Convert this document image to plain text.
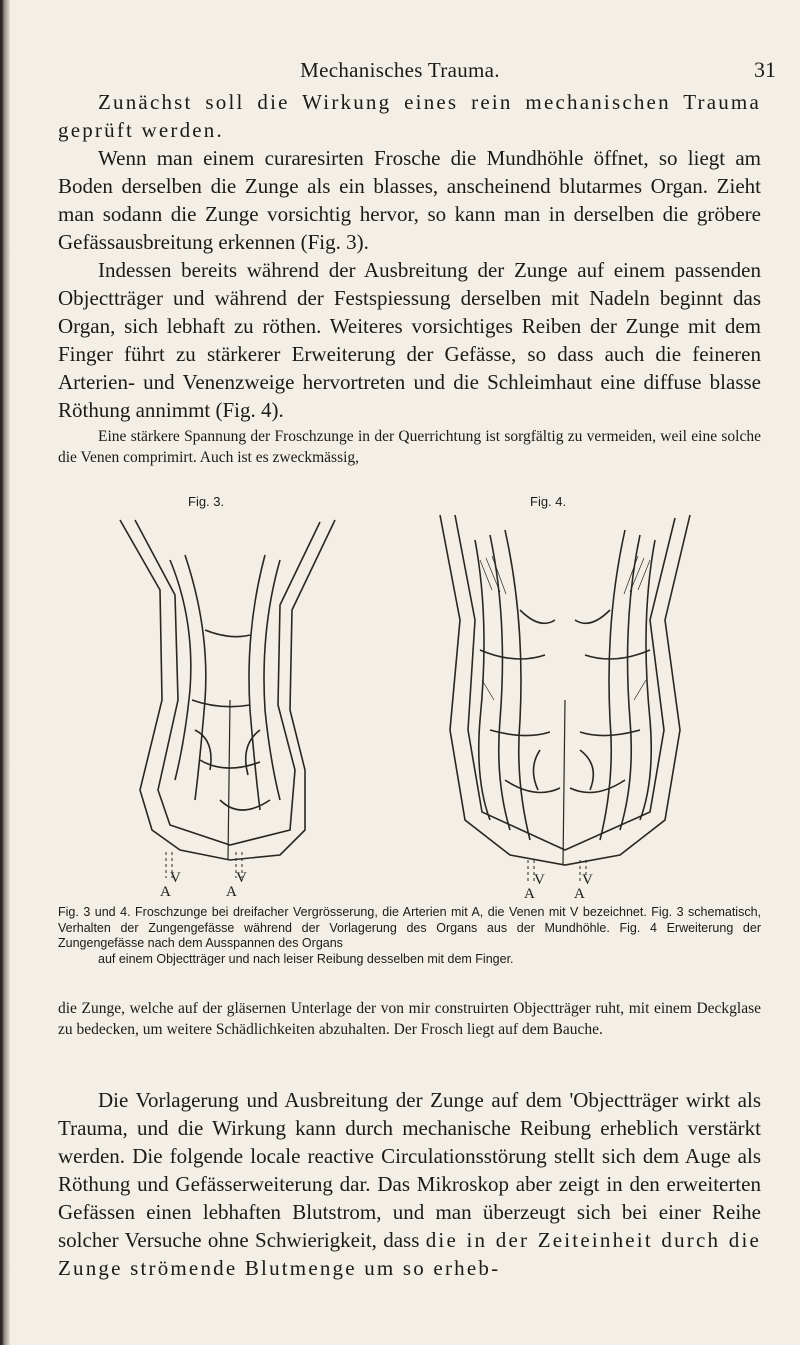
Mechanisches Trauma.	31

Zunächst soll die Wirkung eines rein mechanischen Trauma geprüft werden.

Wenn man einem curaresirten Frosche die Mundhöhle öffnet, so liegt am Boden derselben die Zunge als ein blasses, anscheinend blutarmes Organ. Zieht man sodann die Zunge vorsichtig hervor, so kann man in derselben die gröbere Gefässausbreitung erkennen (Fig. 3).

Indessen bereits während der Ausbreitung der Zunge auf einem passenden Objectträger und während der Festspiessung derselben mit Nadeln beginnt das Organ, sich lebhaft zu röthen. Weiteres vorsichtiges Reiben der Zunge mit dem Finger führt zu stärkerer Erweiterung der Gefässe, so dass auch die feineren Arterien- und Venenzweige hervortreten und die Schleimhaut eine diffuse blasse Röthung annimmt (Fig. 4).

Eine stärkere Spannung der Froschzunge in der Querrichtung ist sorgfältig zu vermeiden, weil eine solche die Venen comprimirt. Auch ist es zweckmässig,

Fig. 3.
V	V
A	A
Fig. 4.
V V
A	A

Fig. 3 und 4. Froschzunge bei dreifacher Vergrösserung, die Arterien mit A, die Venen mit V bezeichnet. Fig. 3 schematisch, Verhalten der Zungengefässe während der Vorlagerung des Organs aus der Mundhöhle. Fig. 4 Erweiterung der Zungengefässe nach dem Ausspannen des Organs
auf einem Objectträger und nach leiser Reibung desselben mit dem Finger.

die Zunge, welche auf der gläsernen Unterlage der von mir construirten Objectträger ruht, mit einem Deckglase zu bedecken, um weitere Schädlichkeiten abzuhalten. Der Frosch liegt auf dem Bauche.

Die Vorlagerung und Ausbreitung der Zunge auf dem 'Objectträger wirkt als Trauma, und die Wirkung kann durch mechanische Reibung erheblich verstärkt werden. Die folgende locale reactive Circulationsstörung stellt sich dem Auge als Röthung und Gefässerweiterung dar. Das Mikroskop aber zeigt in den erweiterten Gefässen einen lebhaften Blutstrom, und man überzeugt sich bei einer Reihe solcher Versuche ohne Schwierigkeit, dass die in der Zeiteinheit durch die Zunge strömende Blutmenge um so erheb-
